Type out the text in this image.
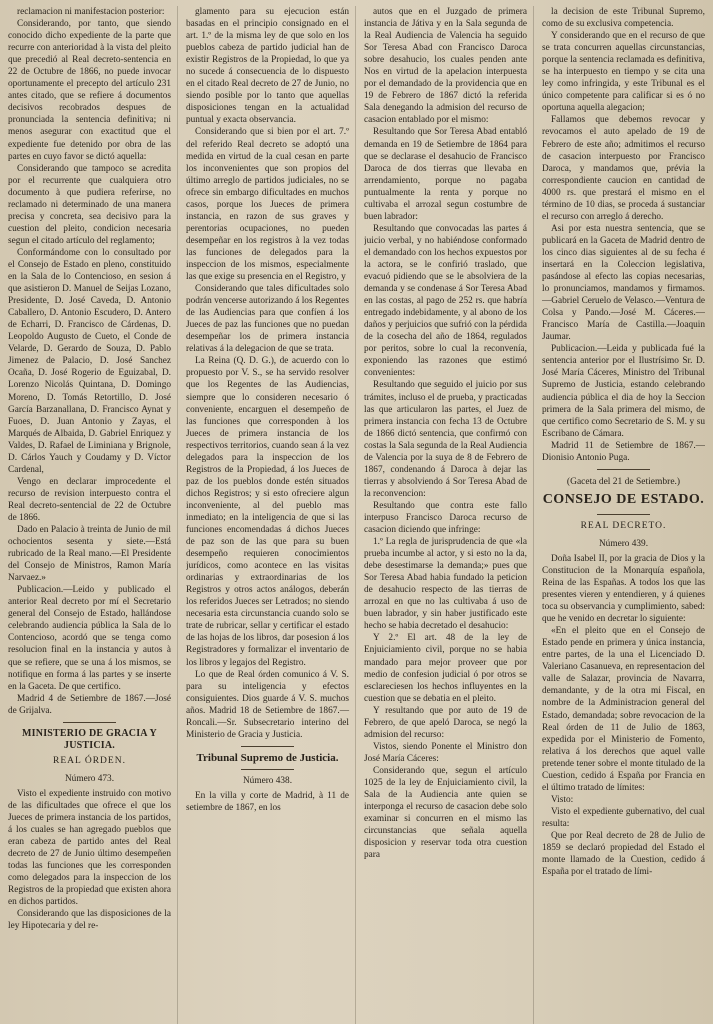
reclamacion ni manifestacion posterior:

Considerando, por tanto, que siendo conocido dicho expediente de la parte que recurre con anterioridad à la vista del pleito que precedió al Real decreto-sentencia en 22 de Octubre de 1866, no puede invocar oportunamente el precepto del artículo 231 antes citado, que se refiere á documentos decisivos recobrados despues de pronunciada la sentencia definitiva; ni menos asegurar con exactitud que el expediente fue detenido por obra de las partes en cuyo favor se dictó aquella:

Considerando que tampoco se acredita por el recurrente que cualquiera otro documento à que pudiera referirse, no reclamado ni determinado de una manera precisa y concreta, sea decisivo para la cuestion del pleito, condicion necesaria segun el citado artículo del reglamento;

Conformándome con lo consultado por el Consejo de Estado en pleno, constituido en la Sala de lo Contencioso, en sesion á que asistieron D. Manuel de Seijas Lozano, Presidente, D. José Caveda, D. Antonio Caballero, D. Antonio Escudero, D. Antero de Echarri, D. Francisco de Cárdenas, D. Leopoldo Augusto de Cueto, el Conde de Velarde, D. Gerardo de Souza, D. Pablo Jimenez de Palacio, D. José Sanchez Ocaña, D. José Rogerio de Eguizabal, D. Lorenzo Nicolás Quintana, D. Domingo Moreno, D. Tomás Retortillo, D. José García Barzanallana, D. Francisco Aynat y Fuoes, D. Juan Antonio y Zayas, el Marqués de Albaida, D. Gabriel Enriquez y Valdes, D. Rafael de Liminiana y Brignole, D. Cárlos Yauch y Coudamy y D. Víctor Cardenal,

Vengo en declarar improcedente el recurso de revision interpuesto contra el Real decreto-sentencial de 22 de Octubre de 1866.

Dado en Palacio à treinta de Junio de mil ochocientos sesenta y siete.—Está rubricado de la Real mano.—El Presidente del Consejo de Ministros, Ramon María Narvaez.»

Publicacion.—Leido y publicado el anterior Real decreto por mí el Secretario general del Consejo de Estado, hallándose celebrando audiencia pública la Sala de lo Contencioso, acordó que se tenga como resolucion final en la instancia y autos à que se refiere, que se una á los mismos, se notifique en forma á las partes y se inserte en la Gaceta. De que certifico.

Madrid 4 de Setiembre de 1867.—José de Grijalva.

MINISTERIO DE GRACIA Y JUSTICIA.
REAL ÓRDEN.
Número 473.

Visto el expediente instruido con motivo de las dificultades que ofrece el que los Jueces de primera instancia de los partidos, á los cuales se han agregado pueblos que eran cabeza de partido antes del Real decreto de 27 de Junio último desempeñen todas las funciones que les corresponden como delegados para la inspeccion de los Registros de la propiedad que existen ahora en dichos partidos.

Considerando que las disposiciones de la ley Hipotecaria y del re-

glamento para su ejecucion están basadas en el principio consignado en el art. 1.º de la misma ley de que solo en los pueblos cabeza de partido judicial han de existir Registros de la Propiedad, lo que ya no sucede á consecuencia de lo dispuesto en el citado Real decreto de 27 de Junio, no siendo posible por lo tanto que aquellas disposiciones tengan en la actualidad puntual y exacta observancia.

Considerando que si bien por el art. 7.º del referido Real decreto se adoptó una medida en virtud de la cual cesan en parte los inconvenientes que son propios del último arreglo de partidos judiciales, no se ofrece sin embargo dificultades en muchos casos, porque los Jueces de primera instancia, en razon de sus graves y perentorias ocupaciones, no pueden desempeñar en los registros à la vez todas las funciones de delegados para la inspeccion de los mismos, especialmente las que exige su presencia en el Registro, y

Considerando que tales dificultades solo podrán vencerse autorizando á los Regentes de las Audiencias para que confíen á los Jueces de paz las funciones que no puedan desempeñar los de primera instancia relativas á la delegacion de que se trata.

La Reina (Q. D. G.), de acuerdo con lo propuesto por V. S., se ha servido resolver que los Regentes de las Audiencias, siempre que lo consideren necesario ó conveniente, encarguen el desempeño de las funciones que corresponden à los Jueces de primera instancia de los respectivos territorios, cuando sean á la vez delegados para la inspeccion de los Registros de la Propiedad, á los Jueces de paz de los pueblos donde estén situados dichos Registros; y si esto ofreciere algun inconveniente, al del pueblo mas inmediato; en la inteligencia de que si las funciones encomendadas á dichos Jueces de paz son de las que para su buen desempeño requieren conocimientos jurídicos, como acontece en las visitas ordinarias y extraordinarias de los Registros y otros actos análogos, deberán los referidos Jueces ser Letrados; no siendo necesaria esta circunstancia cuando solo se trate de rubricar, sellar y certificar el estado de las hojas de los libros, dar posesion á los Registradores y formalizar el inventario de los libros y legajos del Registro.

Lo que de Real órden comunico á V. S. para su inteligencia y efectos consiguientes. Dios guarde á V. S. muchos años. Madrid 18 de Setiembre de 1867.—Roncali.—Sr. Subsecretario interino del Ministerio de Gracia y Justicia.

Tribunal Supremo de Justicia.
Número 438.

En la villa y corte de Madrid, à 11 de setiembre de 1867, en los

autos que en el Juzgado de primera instancia de Játiva y en la Sala segunda de la Real Audiencia de Valencia ha seguido Sor Teresa Abad con Francisco Daroca sobre desahucio, los cuales penden ante Nos en virtud de la apelacion interpuesta por el demandado de la providencia que en 19 de Febrero de 1867 dictó la referida Sala denegando la admision del recurso de casacion entablado por el mismo:

Resultando que Sor Teresa Abad entabló demanda en 19 de Setiembre de 1864 para que se declarase el desahucio de Francisco Daroca de dos tierras que llevaba en arrendamiento, porque no pagaba puntualmente la renta y porque no cultivaba el arrozal segun costumbre de buen labrador:

Resultando que convocadas las partes á juicio verbal, y no habiéndose conformado el demandado con los hechos expuestos por la actora, se le confirió traslado, que evacuó pidiendo que se le absolviera de la demanda y se condenase á Sor Teresa Abad en las costas, al pago de 252 rs. que habría entregado indebidamente, y al abono de los daños y perjuicios que sufrió con la pérdida de la cosecha del año de 1864, regulados por peritos, sobre lo cual la reconvenía, exponiendo las razones que estimó convenientes:

Resultando que seguido el juicio por sus trámites, incluso el de prueba, y practicadas las que articularon las partes, el Juez de primera instancia con fecha 13 de Octubre de 1866 dictó sentencia, que confirmó con costas la Sala segunda de la Real Audiencia de Valencia por la suya de 8 de Febrero de 1867, condenando á Daroca à dejar las tierras y absolviendo á Sor Teresa Abad de la reconvencion:

Resultando que contra este fallo interpuso Francisco Daroca recurso de casacion diciendo que infringe:

1.º La regla de jurisprudencia de que «la prueba incumbe al actor, y si esto no la da, debe desestimarse la demanda;» pues que Sor Teresa Abad habia fundado la peticion de desahucio respecto de las tierras de arrozal en que no las cultivaba á uso de buen labrador, y sin haber justificado este hecho se habia decretado el desahucio:

Y 2.º El art. 48 de la ley de Enjuiciamiento civil, porque no se habia mandado para mejor proveer que por medio de confesion judicial ó por otros se esclareciesen los hechos influyentes en la cuestion que se debatia en el pleito.

Y resultando que por auto de 19 de Febrero, de que apeló Daroca, se negó la admision del recurso:

Vistos, siendo Ponente el Ministro don José María Cáceres:

Considerando que, segun el artículo 1025 de la ley de Enjuiciamiento civil, la Sala de la Audiencia ante quien se interponga el recurso de casacion debe solo examinar si concurren en el mismo las circunstancias que señala aquella disposicion y reservar toda otra cuestion para

la decision de este Tribunal Supremo, como de su exclusiva competencia.

Y considerando que en el recurso de que se trata concurren aquellas circunstancias, porque la sentencia reclamada es definitiva, se ha interpuesto en tiempo y se cita una ley como infringida, y este Tribunal es el único competente para calificar si es ó no oportuna aquella alegacion;

Fallamos que debemos revocar y revocamos el auto apelado de 19 de Febrero de este año; admitimos el recurso de casacion interpuesto por Francisco Daroca, y mandamos que, prévia la correspondiente caucion en cantidad de 4000 rs. que prestará el mismo en el término de 10 dias, se proceda á sustanciar el recurso con arreglo á derecho.

Asi por esta nuestra sentencia, que se publicará en la Gaceta de Madrid dentro de los cinco dias siguientes al de su fecha é insertará en la Coleccion legislativa, pasándose al efecto las copias necesarias, lo pronunciamos, mandamos y firmamos.—Gabriel Ceruelo de Velasco.—Ventura de Colsa y Pando.—José M. Cáceres.—Francisco María de Castilla.—Joaquin Jaumar.

Publicacion.—Leida y publicada fué la sentencia anterior por el Ilustrísimo Sr. D. José María Cáceres, Ministro del Tribunal Supremo de Justicia, estando celebrando audiencia pública el dia de hoy la Seccion primera de la Sala primera del mismo, de que certifico como Secretario de S. M. y su Escribano de Cámara.

Madrid 11 de Setiembre de 1867.—Dionisio Antonio Puga.

(Gaceta del 21 de Setiembre.)
CONSEJO DE ESTADO.
REAL DECRETO.
Número 439.

Doña Isabel II, por la gracia de Dios y la Constitucion de la Monarquía española, Reina de las Españas. A todos los que las presentes vieren y entendieren, y á quienes toca su observancia y cumplimiento, sabed: que he venido en decretar lo siguiente:

«En el pleito que en el Consejo de Estado pende en primera y única instancia, entre partes, de la una el Licenciado D. Valeriano Casanueva, en representacion del valle de Salazar, provincia de Navarra, demandante, y de la otra mi Fiscal, en nombre de la Administracion general del Estado, demandada; sobre revocacion de la Real órden de 11 de Julio de 1863, expedida por el Ministerio de Fomento, relativa á los derechos que aquel valle pretende tener sobre el monte titulado de la Cuestion, cedido á España por Francia en el último tratado de límites:

Visto:

Visto el expediente gubernativo, del cual resulta:

Que por Real decreto de 28 de Julio de 1859 se declaró propiedad del Estado el monte llamado de la Cuestion, cedido á España por el tratado de lími-
